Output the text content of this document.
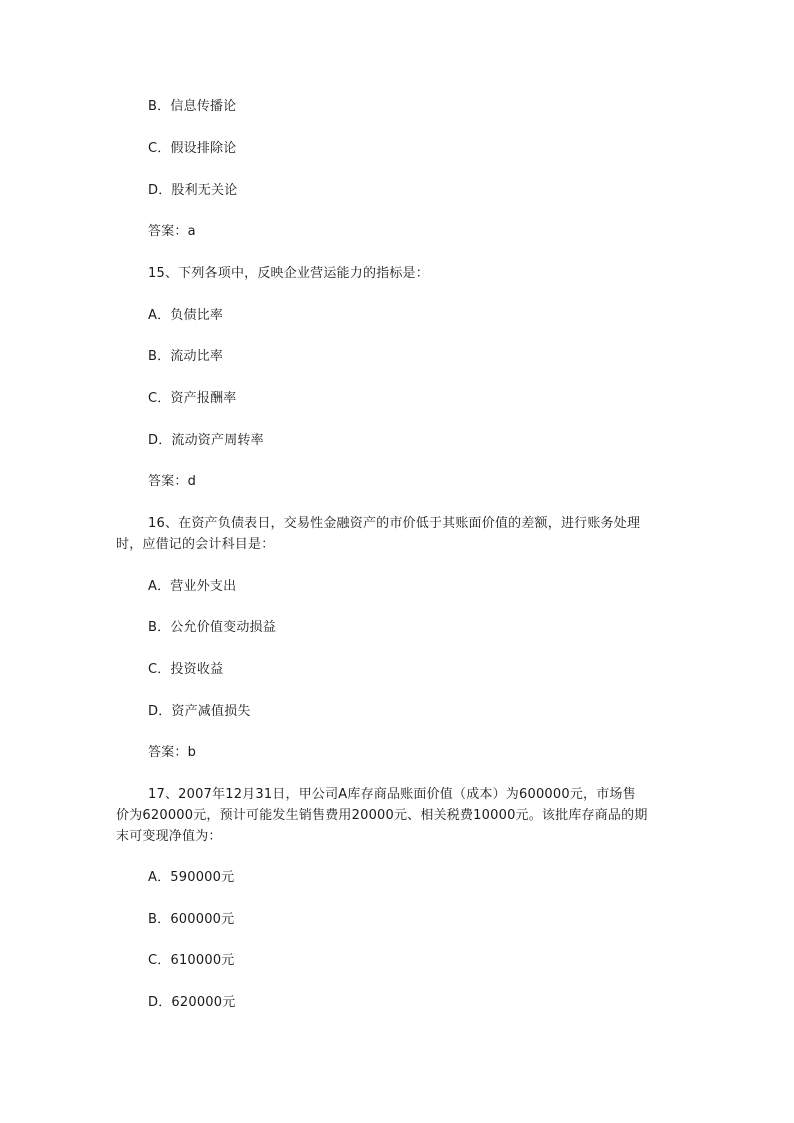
B．信息传播论

C．假设排除论

D．股利无关论

答案：a

15、下列各项中，反映企业营运能力的指标是：

A．负债比率

B．流动比率

C．资产报酬率

D．流动资产周转率

答案：d

16、在资产负债表日，交易性金融资产的市价低于其账面价值的差额，进行账务处理

时，应借记的会计科目是：

A．营业外支出

B．公允价值变动损益

C．投资收益

D．资产减值损失

答案：b

17、2007年12月31日，甲公司A库存商品账面价值（成本）为600000元，市场售

价为620000元，预计可能发生销售费用20000元、相关税费10000元。该批库存商品的期

末可变现净值为：

A．590000元

B．600000元

C．610000元

D．620000元
